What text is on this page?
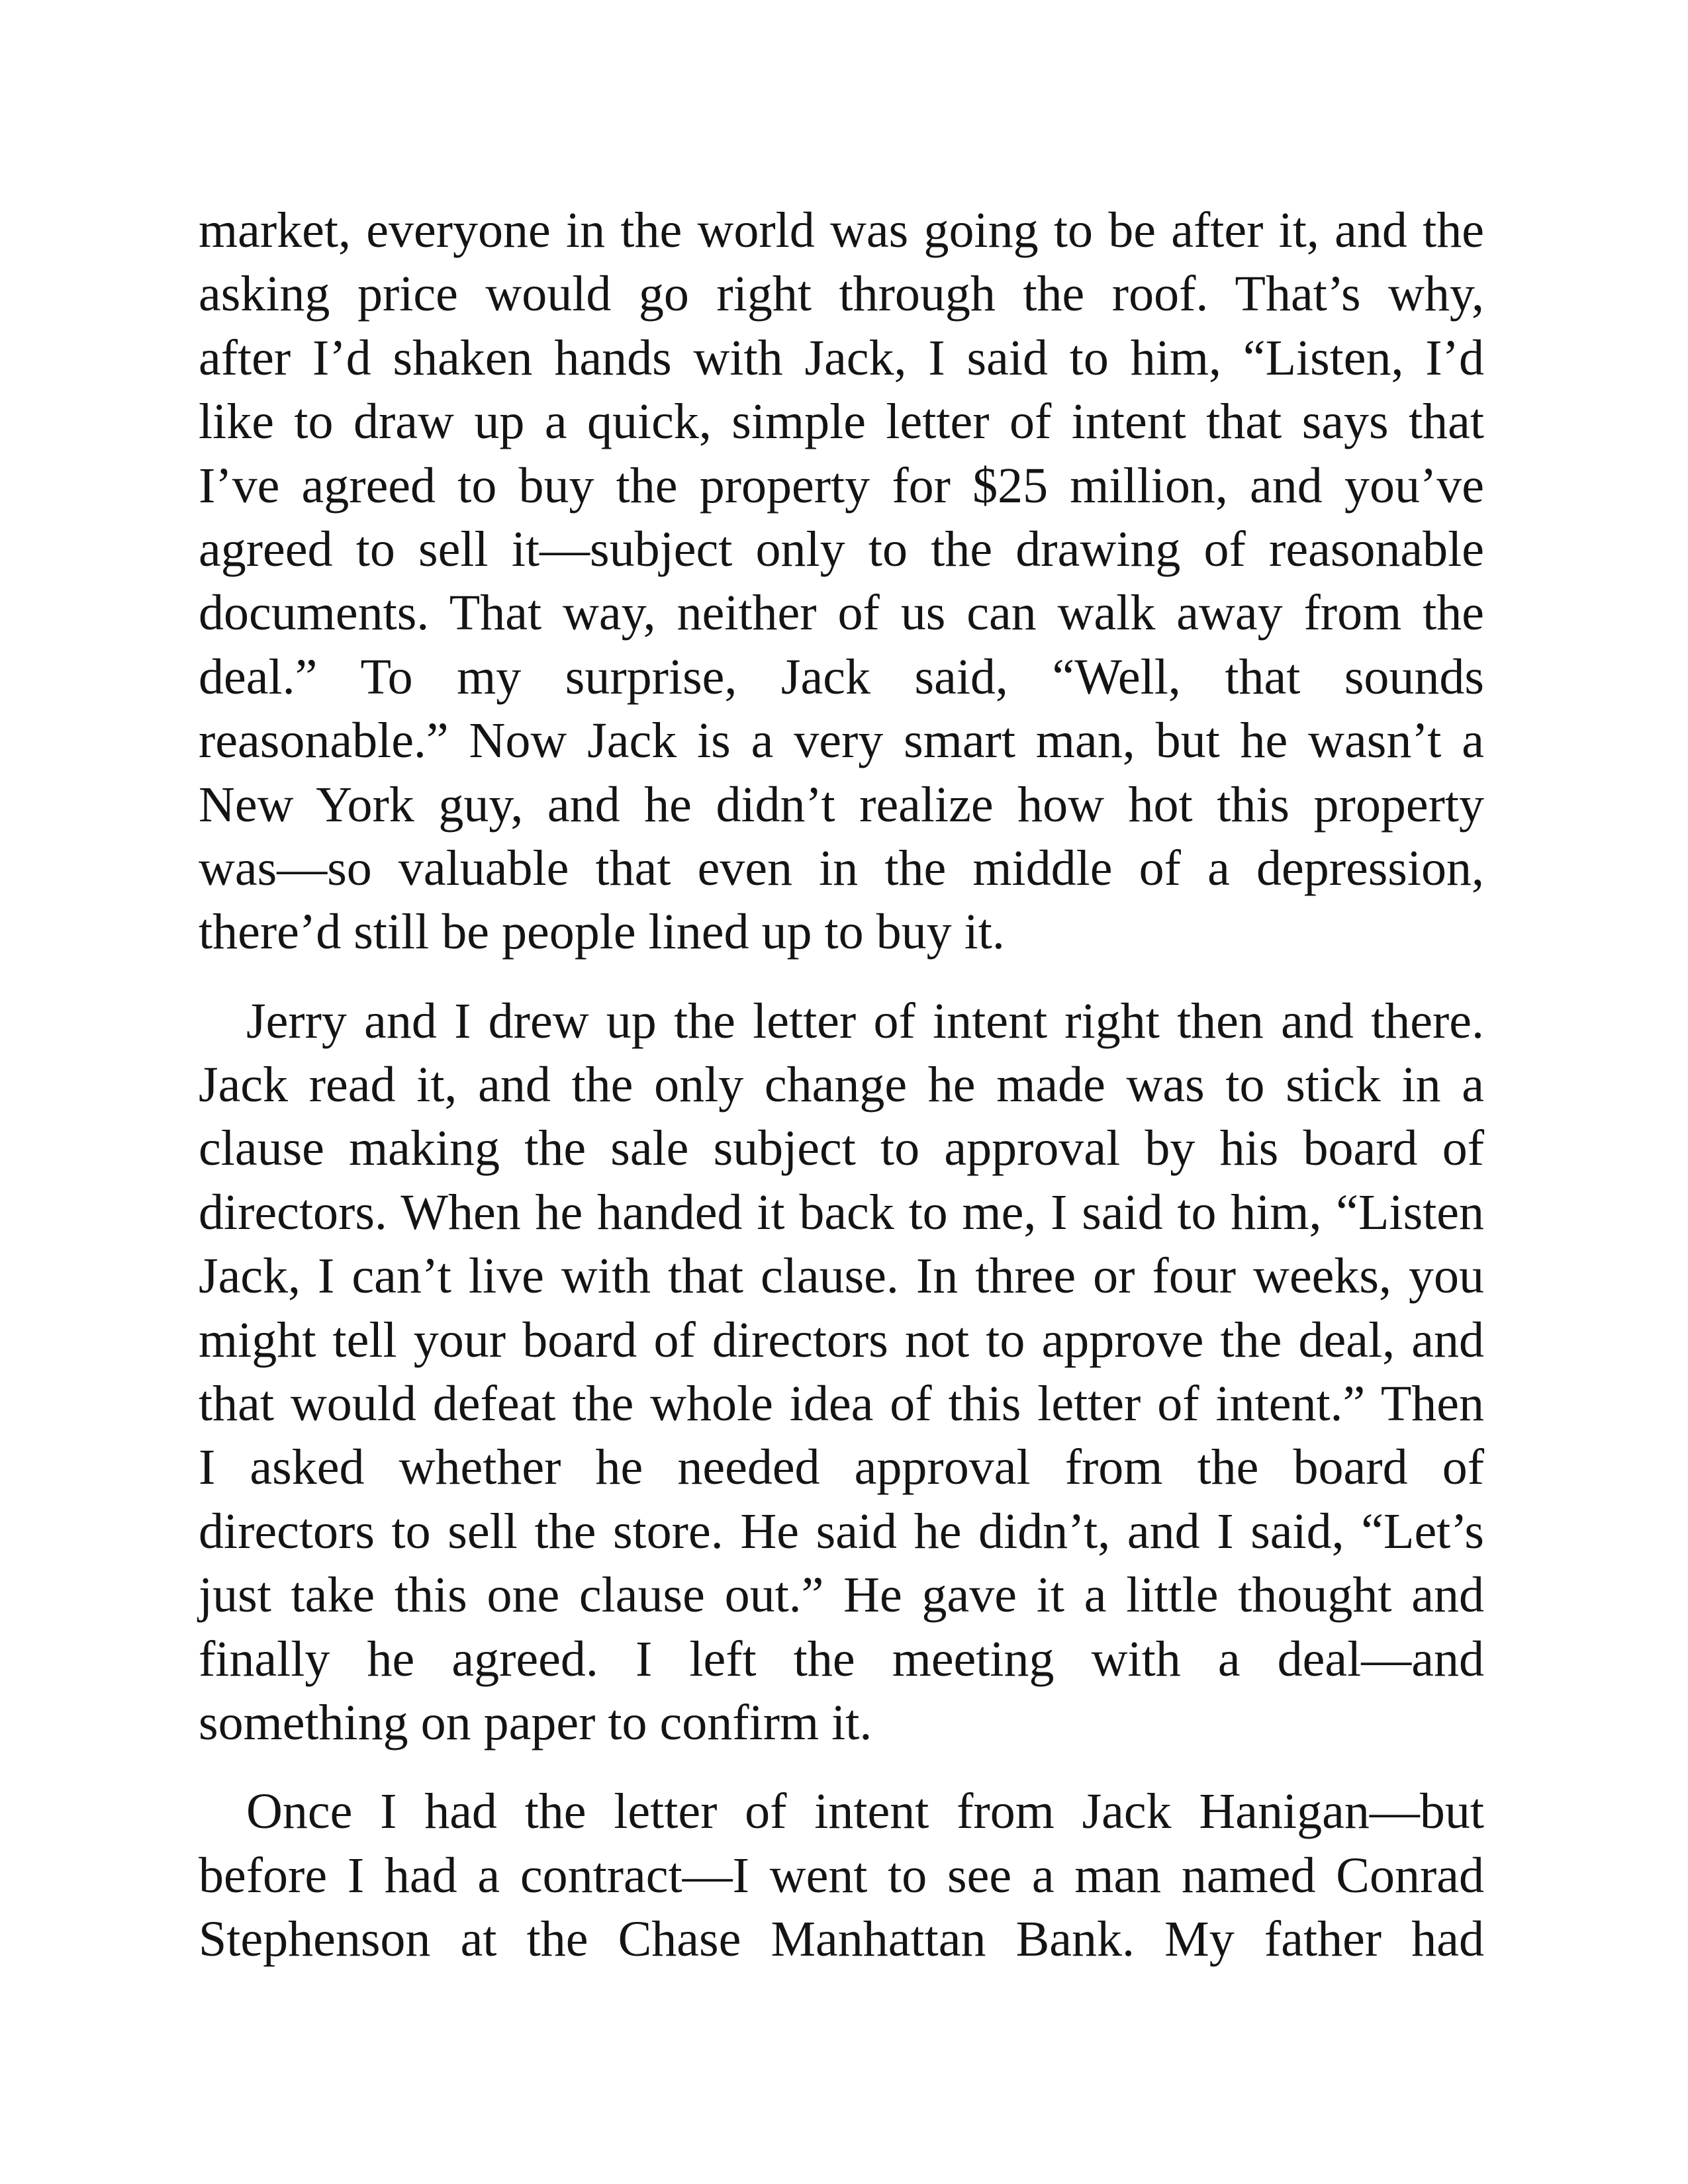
market, everyone in the world was going to be after it, and the
asking price would go right through the roof. That’s why,
after I’d shaken hands with Jack, I said to him, “Listen, I’d
like to draw up a quick, simple letter of intent that says that
I’ve agreed to buy the property for $25 million, and you’ve
agreed to sell it—subject only to the drawing of reasonable
documents. That way, neither of us can walk away from the
deal.” To my surprise, Jack said, “Well, that sounds
reasonable.” Now Jack is a very smart man, but he wasn’t a
New York guy, and he didn’t realize how hot this property
was—so valuable that even in the middle of a depression,
there’d still be people lined up to buy it.
Jerry and I drew up the letter of intent right then and there.
Jack read it, and the only change he made was to stick in a
clause making the sale subject to approval by his board of
directors. When he handed it back to me, I said to him, “Listen
Jack, I can’t live with that clause. In three or four weeks, you
might tell your board of directors not to approve the deal, and
that would defeat the whole idea of this letter of intent.” Then
I asked whether he needed approval from the board of
directors to sell the store. He said he didn’t, and I said, “Let’s
just take this one clause out.” He gave it a little thought and
finally he agreed. I left the meeting with a deal—and
something on paper to confirm it.
Once I had the letter of intent from Jack Hanigan—but
before I had a contract—I went to see a man named Conrad
Stephenson at the Chase Manhattan Bank. My father had
